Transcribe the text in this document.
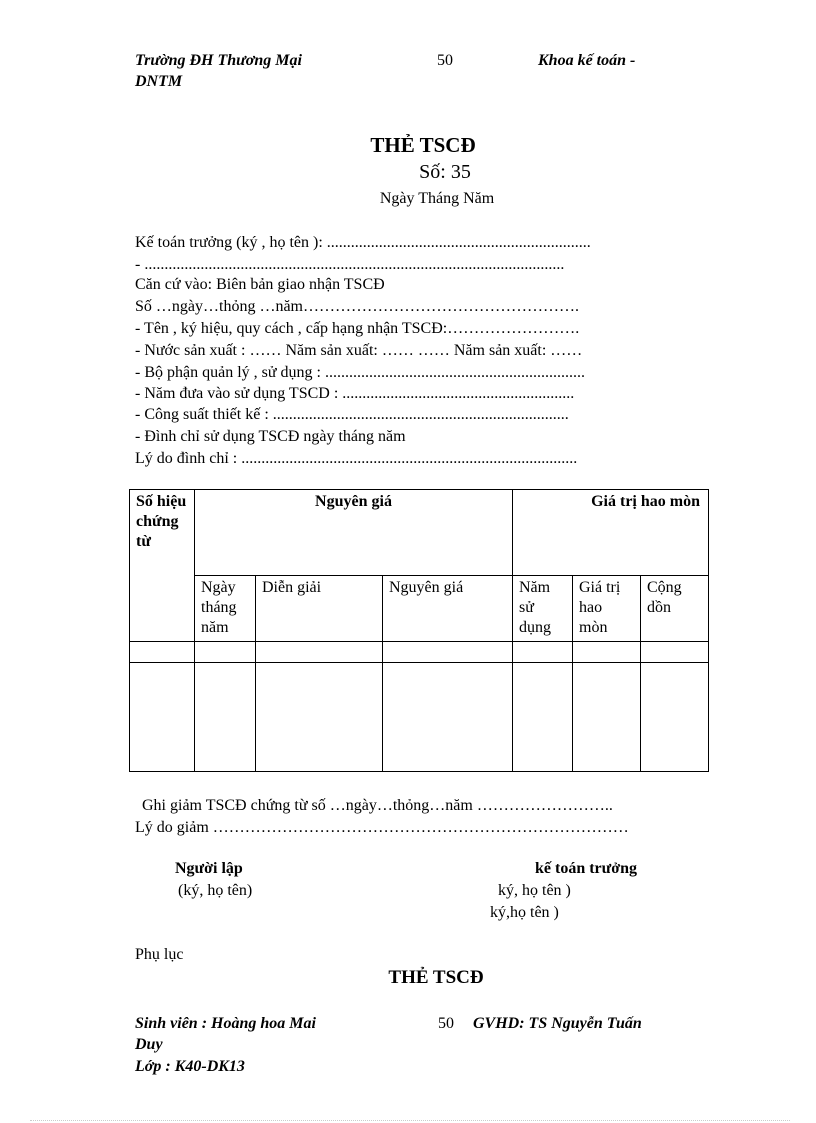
Trường ĐH Thương Mại
DNTM
50	Khoa kế toán -
THẺ TSCĐ
Số: 35
Ngày Tháng Năm
Kế toán trưởng (ký , họ tên ): ..................................................................
- .........................................................................................................
Căn cứ vào: Biên bản giao nhận TSCĐ
Số …ngày…thỏng …năm…………………………………………….
- Tên , ký hiệu, quy cách , cấp hạng nhận TSCĐ:…………………….
- Nước sản xuất : …… Năm sản xuất: …… …… Năm sản xuất: ……
- Bộ phận quản lý , sử dụng : .................................................................
- Năm đưa vào sử dụng TSCD : ..........................................................
- Công suất thiết kế : ..........................................................................
- Đình chỉ sử dụng TSCĐ ngày tháng năm
Lý do đình chỉ : ....................................................................................
Số hiệu chứng từ	Nguyên giá			Giá trị hao mòn		
	Ngày tháng năm	Diễn giải	Nguyên giá	Năm sử dụng	Giá trị hao mòn	Cộng dồn

Ghi giảm TSCĐ chứng từ số …ngày…thỏng…năm ……………………..
Lý do giảm ……………………………………………………………………
Người lập
(ký, họ tên)
kế toán trưởng
ký, họ tên )
ký,họ tên )
Phụ lục
THẺ TSCĐ
Sinh viên : Hoàng hoa Mai
Duy
Lớp : K40-DK13
50 GVHD: TS Nguyễn Tuấn
